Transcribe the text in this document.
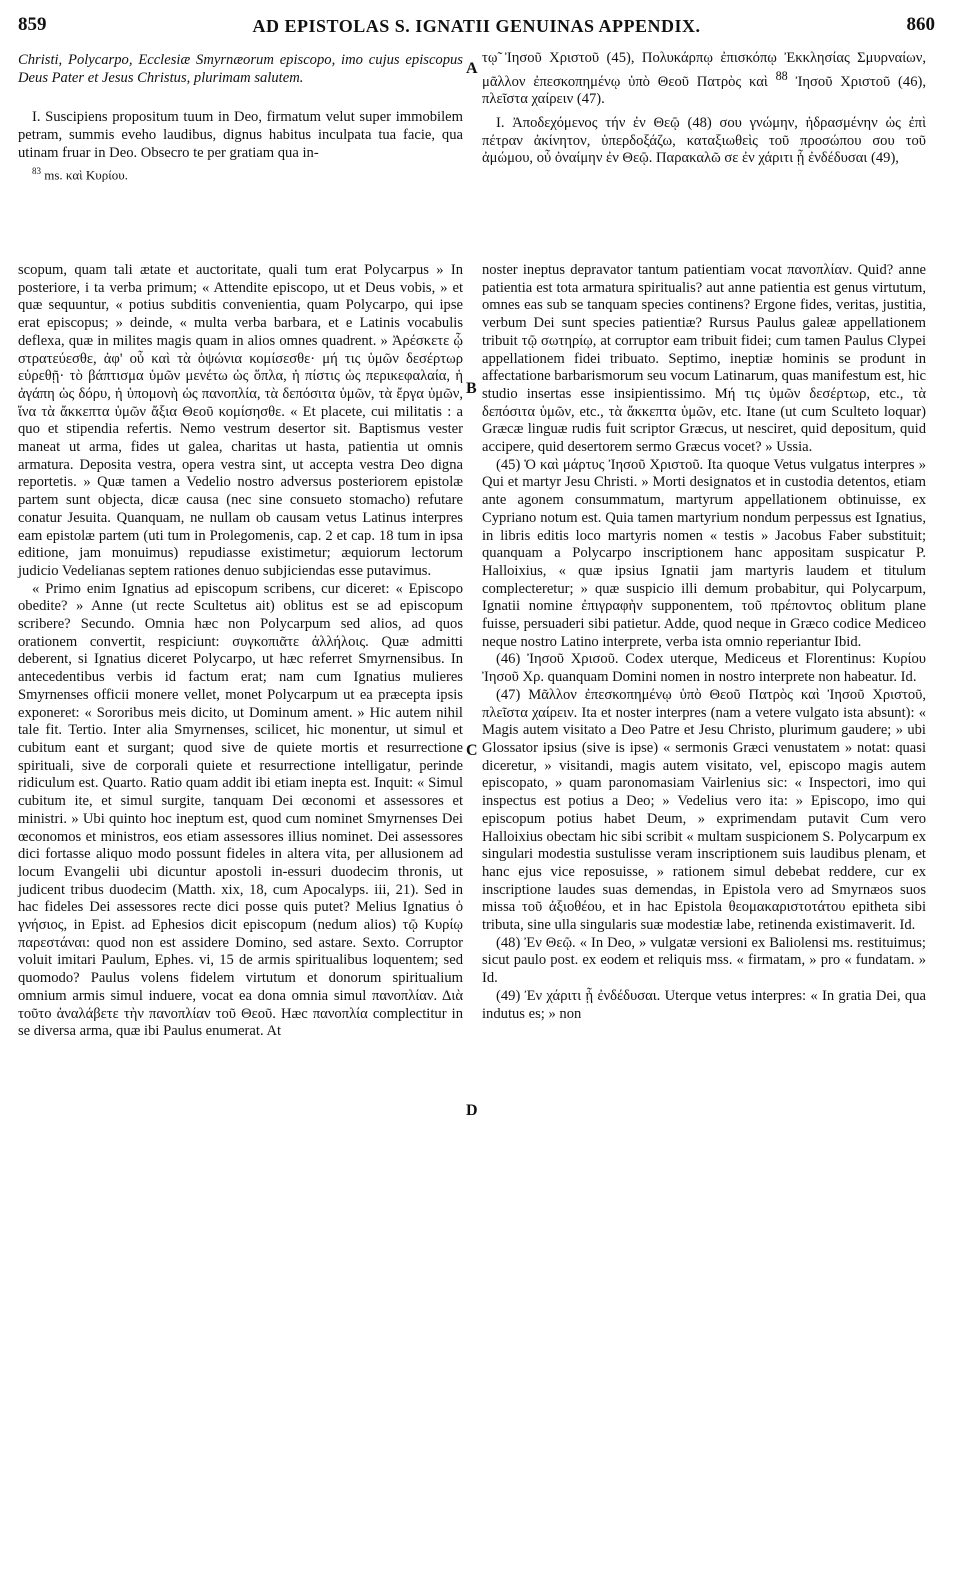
859	AD EPISTOLAS S. IGNATII GENUINAS APPENDIX.	860
A
B
C
D

Christi, Polycarpo, Ecclesiæ Smyrnæorum episcopo, imo cujus episcopus Deus Pater et Jesus Christus, plurimam salutem.

I. Suscipiens propositum tuum in Deo, firmatum velut super immobilem petram, summis eveho laudibus, dignus habitus inculpata tua facie, qua utinam fruar in Deo. Obsecro te per gratiam qua in-

$^{83}$ ms. καὶ Κυρίου.

τῳ̃ Ἰησοῦ Χριστοῦ (45), Πολυκάρπῳ ἐπισκόπῳ Ἐκκλησίας Σμυρναίων, μᾶλλον ἐπεσκοπημένῳ ὑπὸ Θεοῦ Πατρὸς καὶ $^{88}$ Ἰησοῦ Χριστοῦ (46), πλεῖστα χαίρειν (47).

I. Ἀποδεχόμενος τήν ἐν Θεῷ (48) σου γνώμην, ἡδρασμένην ὡς ἐπὶ πέτραν ἀκίνητον, ὑπερδοξάζω, καταξιωθεὶς τοῦ προσώπου σου τοῦ ἀμώμου, οὗ ὀναίμην ἐν Θεῷ. Παρακαλῶ σε ἐν χάριτι ᾗ ἐνδέδυσαι (49),

scopum, quam tali ætate et auctoritate, quali tum erat Polycarpus » In posteriore, i ta verba primum; « Attendite episcopo, ut et Deus vobis, » et quæ sequuntur, « potius subditis convenientia, quam Polycarpo, qui ipse erat episcopus; » deinde, « multa verba barbara, et e Latinis vocabulis deflexa, quæ in milites magis quam in alios omnes quadrent. » Ἀρέσκετε ᾧ στρατεύεσθε, ἀφ' οὗ καὶ τὰ ὀψώνια κομίσεσθε· μή τις ὑμῶν δεσέρτωρ εὑρεθῇ· τὸ βάπτισμα ὑμῶν μενέτω ὡς ὅπλα, ἡ πίστις ὡς περικεφαλαία, ἡ ἀγάπη ὡς δόρυ, ἡ ὑπομονὴ ὡς πανοπλία, τὰ δεπόσιτα ὑμῶν, τὰ ἔργα ὑμῶν, ἵνα τὰ ἄκκεπτα ὑμῶν ἄξια Θεοῦ κομίσησθε. « Et placete, cui militatis : a quo et stipendia refertis. Nemo vestrum desertor sit. Baptismus vester maneat ut arma, fides ut galea, charitas ut hasta, patientia ut omnis armatura. Deposita vestra, opera vestra sint, ut accepta vestra Deo digna reportetis. » Quæ tamen a Vedelio nostro adversus posteriorem epistolæ partem sunt objecta, dicæ causa (nec sine consueto stomacho) refutare conatur Jesuita. Quanquam, ne nullam ob causam vetus Latinus interpres eam epistolæ partem (uti tum in Prolegomenis, cap. 2 et cap. 18 tum in ipsa editione, jam monuimus) repudiasse existimetur; æquiorum lectorum judicio Vedelianas septem rationes denuo subjiciendas esse putavimus.

« Primo enim Ignatius ad episcopum scribens, cur diceret: « Episcopo obedite? » Anne (ut recte Scultetus ait) oblitus est se ad episcopum scribere? Secundo. Omnia hæc non Polycarpum sed alios, ad quos orationem convertit, respiciunt: συγκοπιᾶτε ἀλλήλοις. Quæ admitti deberent, si Ignatius diceret Polycarpo, ut hæc referret Smyrnensibus. In antecedentibus verbis id factum erat; nam cum Ignatius mulieres Smyrnenses officii monere vellet, monet Polycarpum ut ea præcepta ipsis exponeret: « Sororibus meis dicito, ut Dominum ament. » Hic autem nihil tale fit. Tertio. Inter alia Smyrnenses, scilicet, hic monentur, ut simul et cubitum eant et surgant; quod sive de quiete mortis et resurrectione spirituali, sive de corporali quiete et resurrectione intelligatur, perinde ridiculum est. Quarto. Ratio quam addit ibi etiam inepta est. Inquit: « Simul cubitum ite, et simul surgite, tanquam Dei œconomi et assessores et ministri. » Ubi quinto hoc ineptum est, quod cum nominet Smyrnenses Dei œconomos et ministros, eos etiam assessores illius nominet. Dei assessores dici fortasse aliquo modo possunt fideles in altera vita, per allusionem ad locum Evangelii ubi dicuntur apostoli in-essuri duodecim thronis, ut judicent tribus duodecim (Matth. xix, 18, cum Apocalyps. iii, 21). Sed in hac fideles Dei assessores recte dici posse quis putet? Melius Ignatius ὁ γνήσιος, in Epist. ad Ephesios dicit episcopum (nedum alios) τῷ Κυρίῳ παρεστάναι: quod non est assidere Domino, sed astare. Sexto. Corruptor voluit imitari Paulum, Ephes. vi, 15 de armis spiritualibus loquentem; sed quomodo? Paulus volens fidelem virtutum et donorum spiritualium omnium armis simul induere, vocat ea dona omnia simul πανοπλίαν. Διὰ τοῦτο ἀναλάβετε τὴν πανοπλίαν τοῦ Θεοῦ. Hæc πανοπλία complectitur in se diversa arma, quæ ibi Paulus enumerat. At

noster ineptus depravator tantum patientiam vocat πανοπλίαν. Quid? anne patientia est tota armatura spiritualis? aut anne patientia est genus virtutum, omnes eas sub se tanquam species continens? Ergone fides, veritas, justitia, verbum Dei sunt species patientiæ? Rursus Paulus galeæ appellationem tribuit τῷ σωτηρίῳ, at corruptor eam tribuit fidei; cum tamen Paulus Clypei appellationem fidei tribuato. Septimo, ineptiæ hominis se produnt in affectatione barbarismorum seu vocum Latinarum, quas manifestum est, hic studio insertas esse insipientissimo. Μή τις ὑμῶν δεσέρτωρ, etc., τὰ δεπόσιτα ὑμῶν, etc., τὰ ἄκκεπτα ὑμῶν, etc. Itane (ut cum Sculteto loquar) Græcæ linguæ rudis fuit scriptor Græcus, ut nesciret, quid depositum, quid accipere, quid desertorem sermo Græcus vocet? » Ussia.

(45) Ὁ καὶ μάρτυς Ἰησοῦ Χριστοῦ. Ita quoque Vetus vulgatus interpres » Qui et martyr Jesu Christi. » Morti designatos et in custodia detentos, etiam ante agonem consummatum, martyrum appellationem obtinuisse, ex Cypriano notum est. Quia tamen martyrium nondum perpessus est Ignatius, in libris editis loco martyris nomen « testis » Jacobus Faber substituit; quanquam a Polycarpo inscriptionem hanc appositam suspicatur P. Halloixius, « quæ ipsius Ignatii jam martyris laudem et titulum complecteretur; » quæ suspicio illi demum probabitur, qui Polycarpum, Ignatii nomine ἐπιγραφὴν supponentem, τοῦ πρέποντος oblitum plane fuisse, persuaderi sibi patietur. Adde, quod neque in Græco codice Mediceo neque nostro Latino interprete, verba ista omnio reperiantur Ibid.

(46) Ἰησοῦ Χρισοῦ. Codex uterque, Mediceus et Florentinus: Κυρίου Ἰησοῦ Χρ. quanquam Domini nomen in nostro interprete non habeatur. Id.

(47) Μᾶλλον ἐπεσκοπημένῳ ὑπὸ Θεοῦ Πατρὸς καὶ Ἰησοῦ Χριστοῦ, πλεῖστα χαίρειν. Ita et noster interpres (nam a vetere vulgato ista absunt): « Magis autem visitato a Deo Patre et Jesu Christo, plurimum gaudere; » ubi Glossator ipsius (sive is ipse) « sermonis Græci venustatem » notat: quasi diceretur, » visitandi, magis autem visitato, vel, episcopo magis autem episcopato, » quam paronomasiam Vairlenius sic: « Inspectori, imo qui inspectus est potius a Deo; » Vedelius vero ita: » Episcopo, imo qui episcopum potius habet Deum, » exprimendam putavit Cum vero Halloixius obectam hic sibi scribit « multam suspicionem S. Polycarpum ex singulari modestia sustulisse veram inscriptionem suis laudibus plenam, et hanc ejus vice reposuisse, » rationem simul debebat reddere, cur ex inscriptione laudes suas demendas, in Epistola vero ad Smyrnæos suos missa τοῦ ἀξιοθέου, et in hac Epistola θεομακαριστοτάτου epitheta sibi tributa, sine ulla singularis suæ modestiæ labe, retinenda existimaverit. Id.

(48) Ἐν Θεῷ. « In Deo, » vulgatæ versioni ex Baliolensi ms. restituimus; sicut paulo post. ex eodem et reliquis mss. « firmatam, » pro « fundatam. » Id.

(49) Ἐν χάριτι ᾗ ἐνδέδυσαι. Uterque vetus interpres: « In gratia Dei, qua indutus es; » non
